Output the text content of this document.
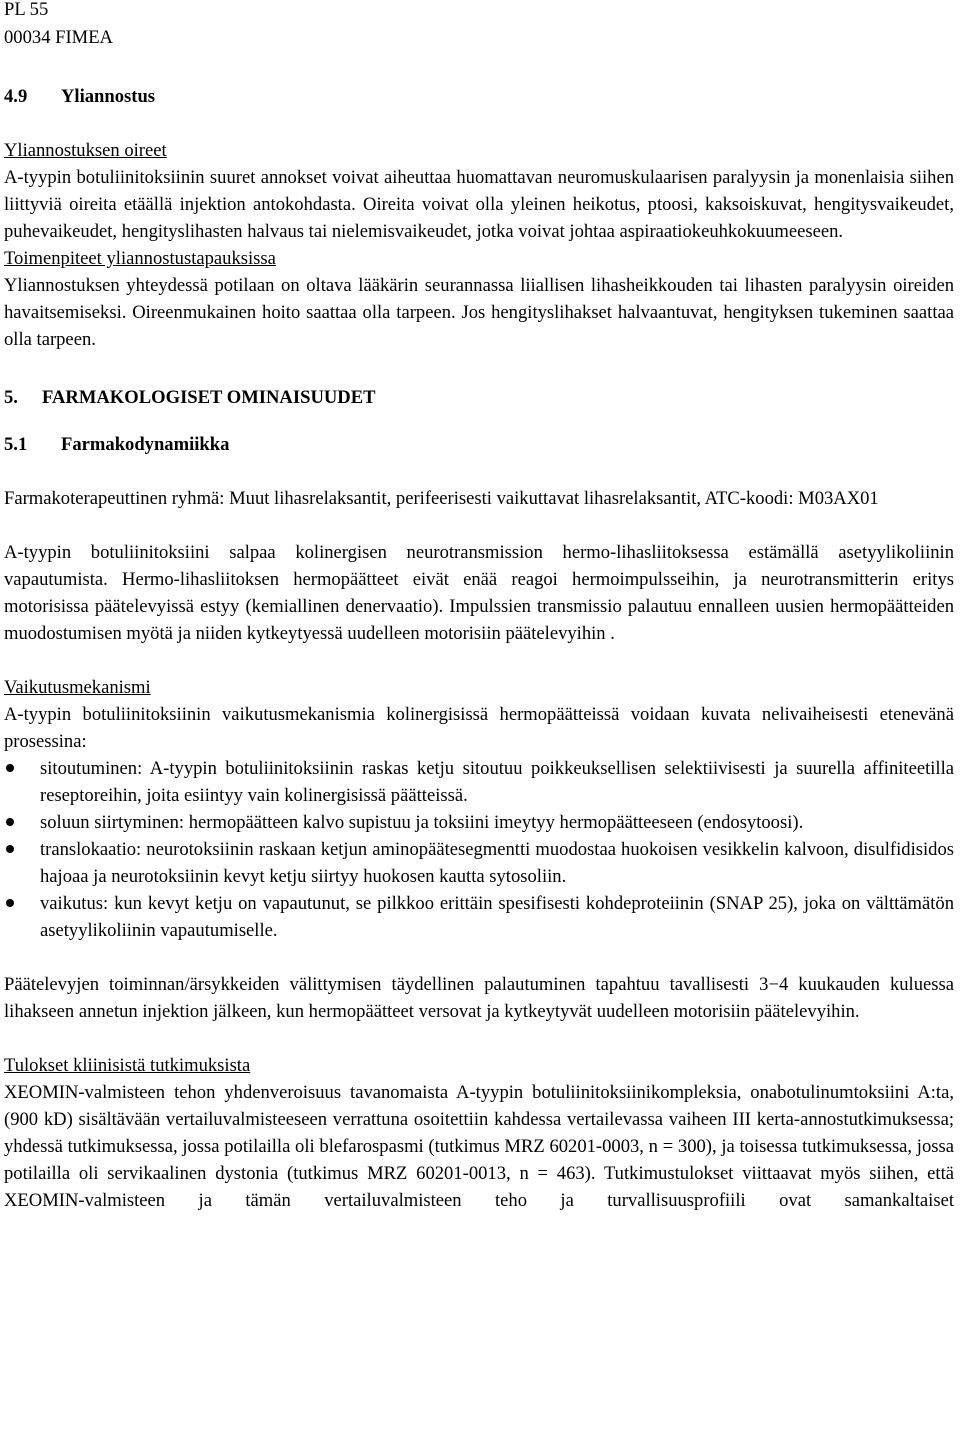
PL 55
00034 FIMEA
4.9 Yliannostus
Yliannostuksen oireet

A-tyypin botuliinitoksiinin suuret annokset voivat aiheuttaa huomattavan neuromuskulaarisen paralyysin ja monenlaisia siihen liittyviä oireita etäällä injektion antokohdasta. Oireita voivat olla yleinen heikotus, ptoosi, kaksoiskuvat, hengitysvaikeudet, puhevaikeudet, hengityslihasten halvaus tai nielemisvaikeudet, jotka voivat johtaa aspiraatiokeuhkokuumeeseen.

Toimenpiteet yliannostustapauksissa

Yliannostuksen yhteydessä potilaan on oltava lääkärin seurannassa liiallisen lihasheikkouden tai lihasten paralyysin oireiden havaitsemiseksi. Oireenmukainen hoito saattaa olla tarpeen. Jos hengityslihakset halvaantuvat, hengityksen tukeminen saattaa olla tarpeen.

5. FARMAKOLOGISET OMINAISUUDET
5.1 Farmakodynamiikka

Farmakoterapeuttinen ryhmä: Muut lihasrelaksantit, perifeerisesti vaikuttavat lihasrelaksantit, ATC-koodi: M03AX01

A-tyypin botuliinitoksiini salpaa kolinergisen neurotransmission hermo-lihasliitoksessa estämällä asetyylikoliinin vapautumista. Hermo-lihasliitoksen hermopäätteet eivät enää reagoi hermoimpulsseihin, ja neurotransmitterin eritys motorisissa päätelevyissä estyy (kemiallinen denervaatio). Impulssien transmissio palautuu ennalleen uusien hermopäätteiden muodostumisen myötä ja niiden kytkeytyessä uudelleen motorisiin päätelevyihin .

Vaikutusmekanismi

A-tyypin botuliinitoksiinin vaikutusmekanismia kolinergisissä hermopäätteissä voidaan kuvata nelivaiheisesti etenevänä prosessina:

sitoutuminen: A-tyypin botuliinitoksiinin raskas ketju sitoutuu poikkeuksellisen selektiivisesti ja suurella affiniteetilla reseptoreihin, joita esiintyy vain kolinergisissä päätteissä.
soluun siirtyminen: hermopäätteen kalvo supistuu ja toksiini imeytyy hermopäätteeseen (endosytoosi).
translokaatio: neurotoksiinin raskaan ketjun aminopäätesegmentti muodostaa huokoisen vesikkelin kalvoon, disulfidisidos hajoaa ja neurotoksiinin kevyt ketju siirtyy huokosen kautta sytosoliin.
vaikutus: kun kevyt ketju on vapautunut, se pilkkoo erittäin spesifisesti kohdeproteiinin (SNAP 25), joka on välttämätön asetyylikoliinin vapautumiselle.

Päätelevyjen toiminnan/ärsykkeiden välittymisen täydellinen palautuminen tapahtuu tavallisesti 3−4 kuukauden kuluessa lihakseen annetun injektion jälkeen, kun hermopäätteet versovat ja kytkeytyvät uudelleen motorisiin päätelevyihin.

Tulokset kliinisistä tutkimuksista

XEOMIN-valmisteen tehon yhdenveroisuus tavanomaista A-tyypin botuliinitoksiinikompleksia, onabotulinumtoksiini A:ta, (900 kD) sisältävään vertailuvalmisteeseen verrattuna osoitettiin kahdessa vertailevassa vaiheen III kerta-annostutkimuksessa; yhdessä tutkimuksessa, jossa potilailla oli blefarospasmi (tutkimus MRZ 60201-0003, n = 300), ja toisessa tutkimuksessa, jossa potilailla oli servikaalinen dystonia (tutkimus MRZ 60201-0013, n = 463). Tutkimustulokset viittaavat myös siihen, että XEOMIN-valmisteen ja tämän vertailuvalmisteen teho ja turvallisuusprofiili ovat samankaltaiset
